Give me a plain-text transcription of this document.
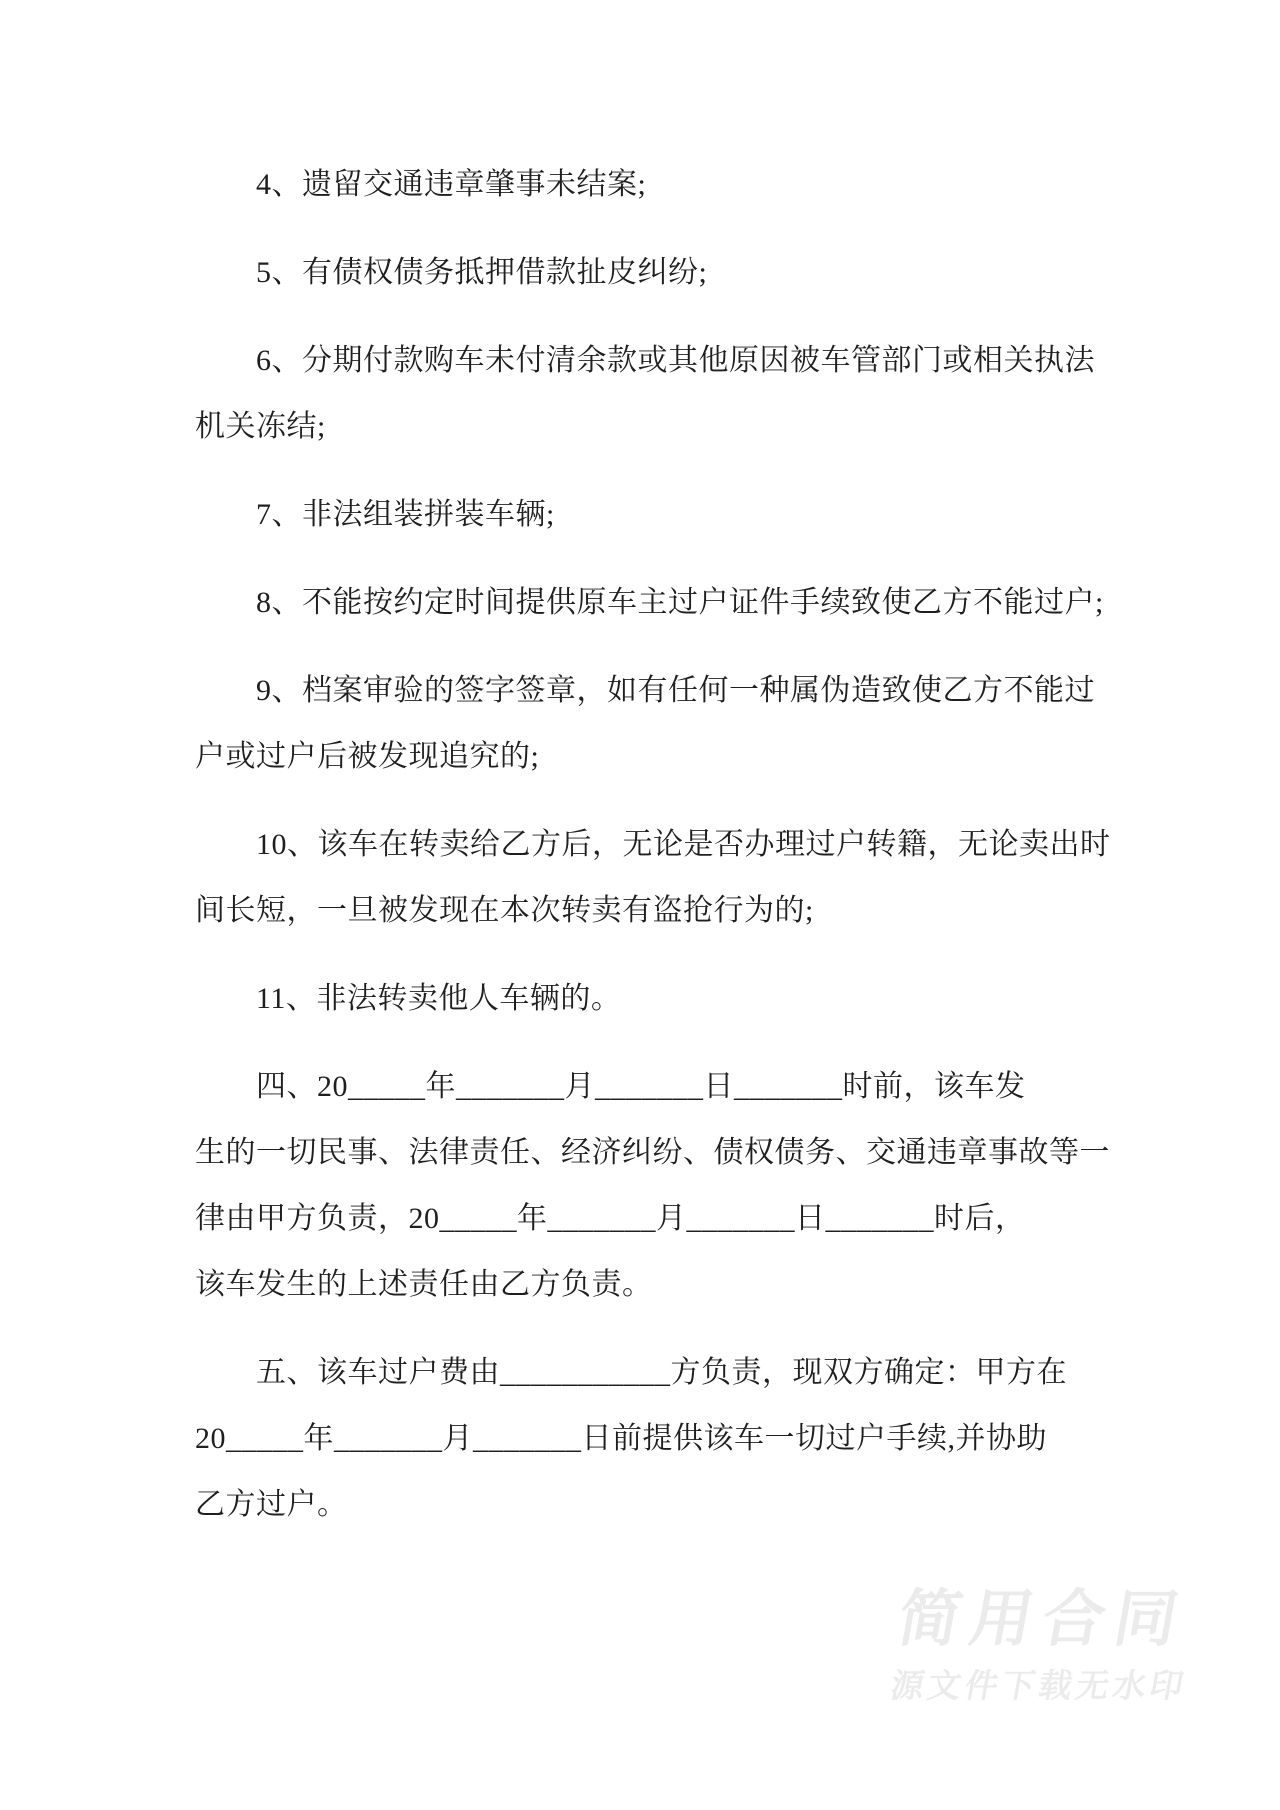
　　4、遗留交通违章肇事未结案;
　　5、有债权债务抵押借款扯皮纠纷;
　　6、分期付款购车未付清余款或其他原因被车管部门或相关执法
机关冻结;
　　7、非法组装拼装车辆;
　　8、不能按约定时间提供原车主过户证件手续致使乙方不能过户;
　　9、档案审验的签字签章，如有任何一种属伪造致使乙方不能过
户或过户后被发现追究的;
　　10、该车在转卖给乙方后，无论是否办理过户转籍，无论卖出时
间长短，一旦被发现在本次转卖有盗抢行为的;
　　11、非法转卖他人车辆的。
　　四、20_____年_______月_______日_______时前，该车发
生的一切民事、法律责任、经济纠纷、债权债务、交通违章事故等一
律由甲方负责，20_____年_______月_______日_______时后，
该车发生的上述责任由乙方负责。
　　五、该车过户费由___________方负责，现双方确定：甲方在
20_____年_______月_______日前提供该车一切过户手续,并协助
乙方过户。
简用合同
源文件下载无水印
